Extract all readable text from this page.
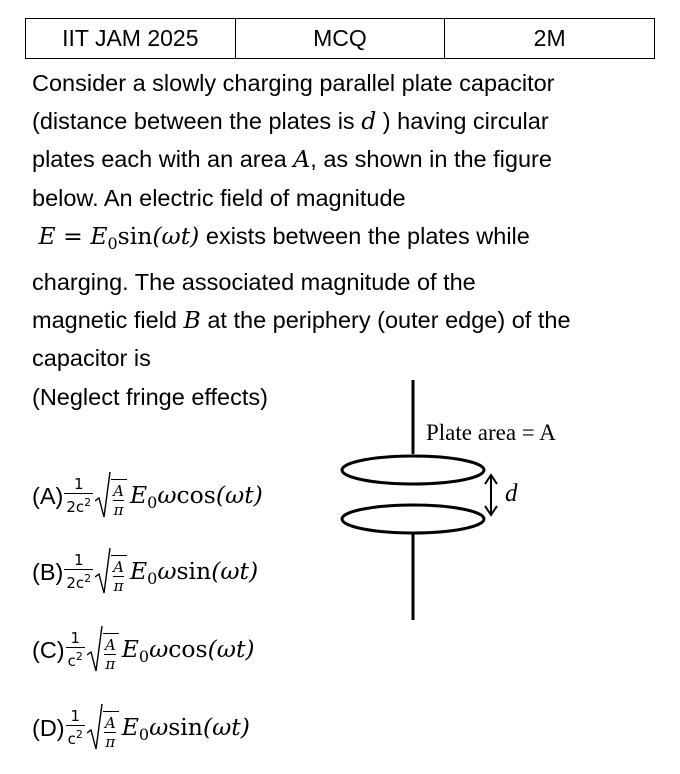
IIT JAM 2025	MCQ	2M

Consider a slowly charging parallel plate capacitor

(distance between the plates is d ) having circular

plates each with an area A, as shown in the figure

below. An electric field of magnitude

$E = E_0\sin(\omega t)$ exists between the plates while

charging. The associated magnitude of the

magnetic field B at the periphery (outer edge) of the

capacitor is

(Neglect fringe effects)

$(A) \frac{1}{2c^2} \frac{A}{\pi} E_0\omega\cos(\omega t)$
$(B) \frac{1}{2c^2} \frac{A}{\pi} E_0\omega\sin(\omega t)$
$(C) \frac{1}{c^2} \frac{A}{\pi} E_0\omega\cos(\omega t)$
$(D) \frac{1}{c^2} \frac{A}{\pi} E_0\omega\sin(\omega t)$
Plate area = A
d
